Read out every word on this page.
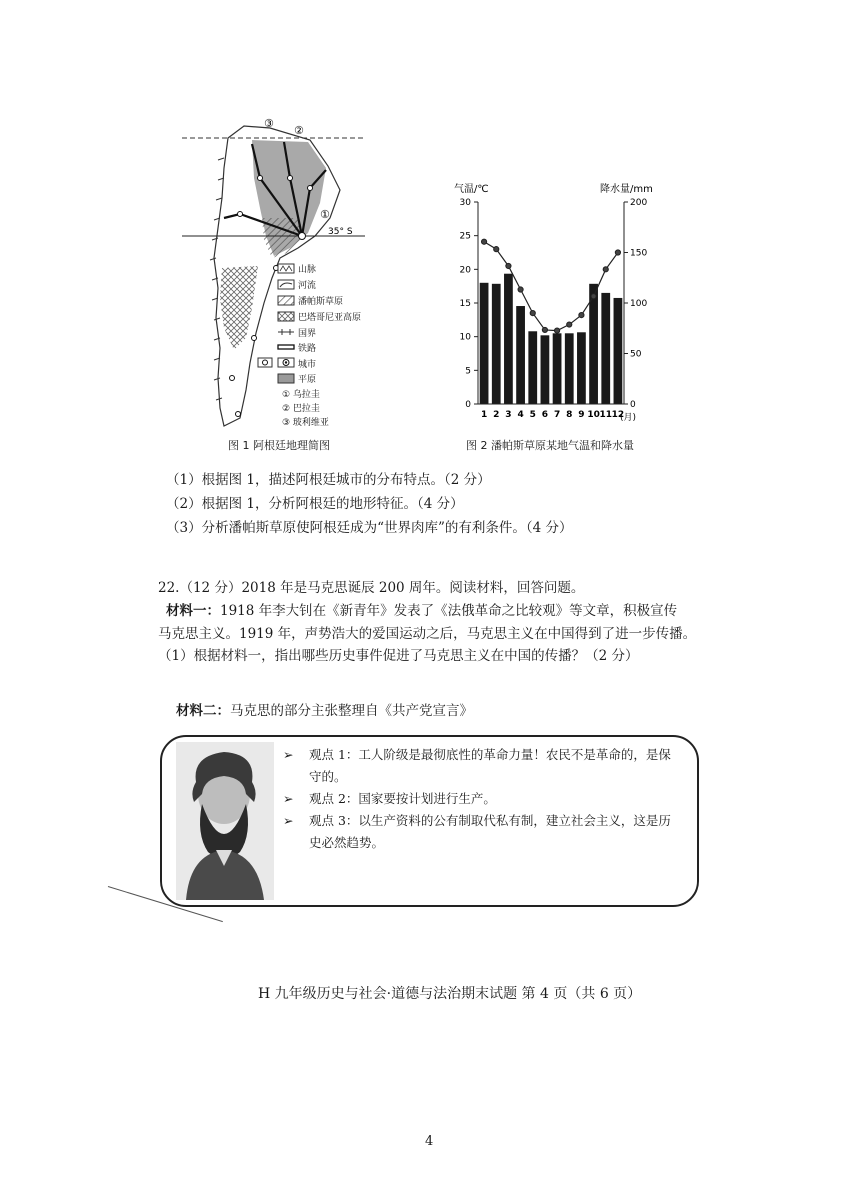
35° S
③
②
①
山脉
河流
潘帕斯草原
巴塔哥尼亚高原
国界
铁路
城市
平原
① 乌拉圭
② 巴拉圭
③ 玻利维亚
图 1 阿根廷地理简图
气温/℃	降水量/mm
(月)
0
5
10
15
20
25
30
0
50
100
150
200
1 2 3 4 5 6 7 8 9 10 11 12
图 2 潘帕斯草原某地气温和降水量
（1）根据图 1，描述阿根廷城市的分布特点。（2 分）
（2）根据图 1，分析阿根廷的地形特征。（4 分）
（3）分析潘帕斯草原使阿根廷成为“世界肉库”的有利条件。（4 分）
22.（12 分）2018 年是马克思诞辰 200 周年。阅读材料，回答问题。
材料一：1918 年李大钊在《新青年》发表了《法俄革命之比较观》等文章，积极宣传
马克思主义。1919 年，声势浩大的爱国运动之后，马克思主义在中国得到了进一步传播。
（1）根据材料一，指出哪些历史事件促进了马克思主义在中国的传播？（2 分）
材料二：马克思的部分主张整理自《共产党宣言》
➢ 观点 1：工人阶级是最彻底性的革命力量！农民不是革命的，是保守的。
➢ 观点 2：国家要按计划进行生产。
➢ 观点 3：以生产资料的公有制取代私有制，建立社会主义，这是历史必然趋势。
H 九年级历史与社会·道德与法治期末试题 第 4 页（共 6 页）
4
